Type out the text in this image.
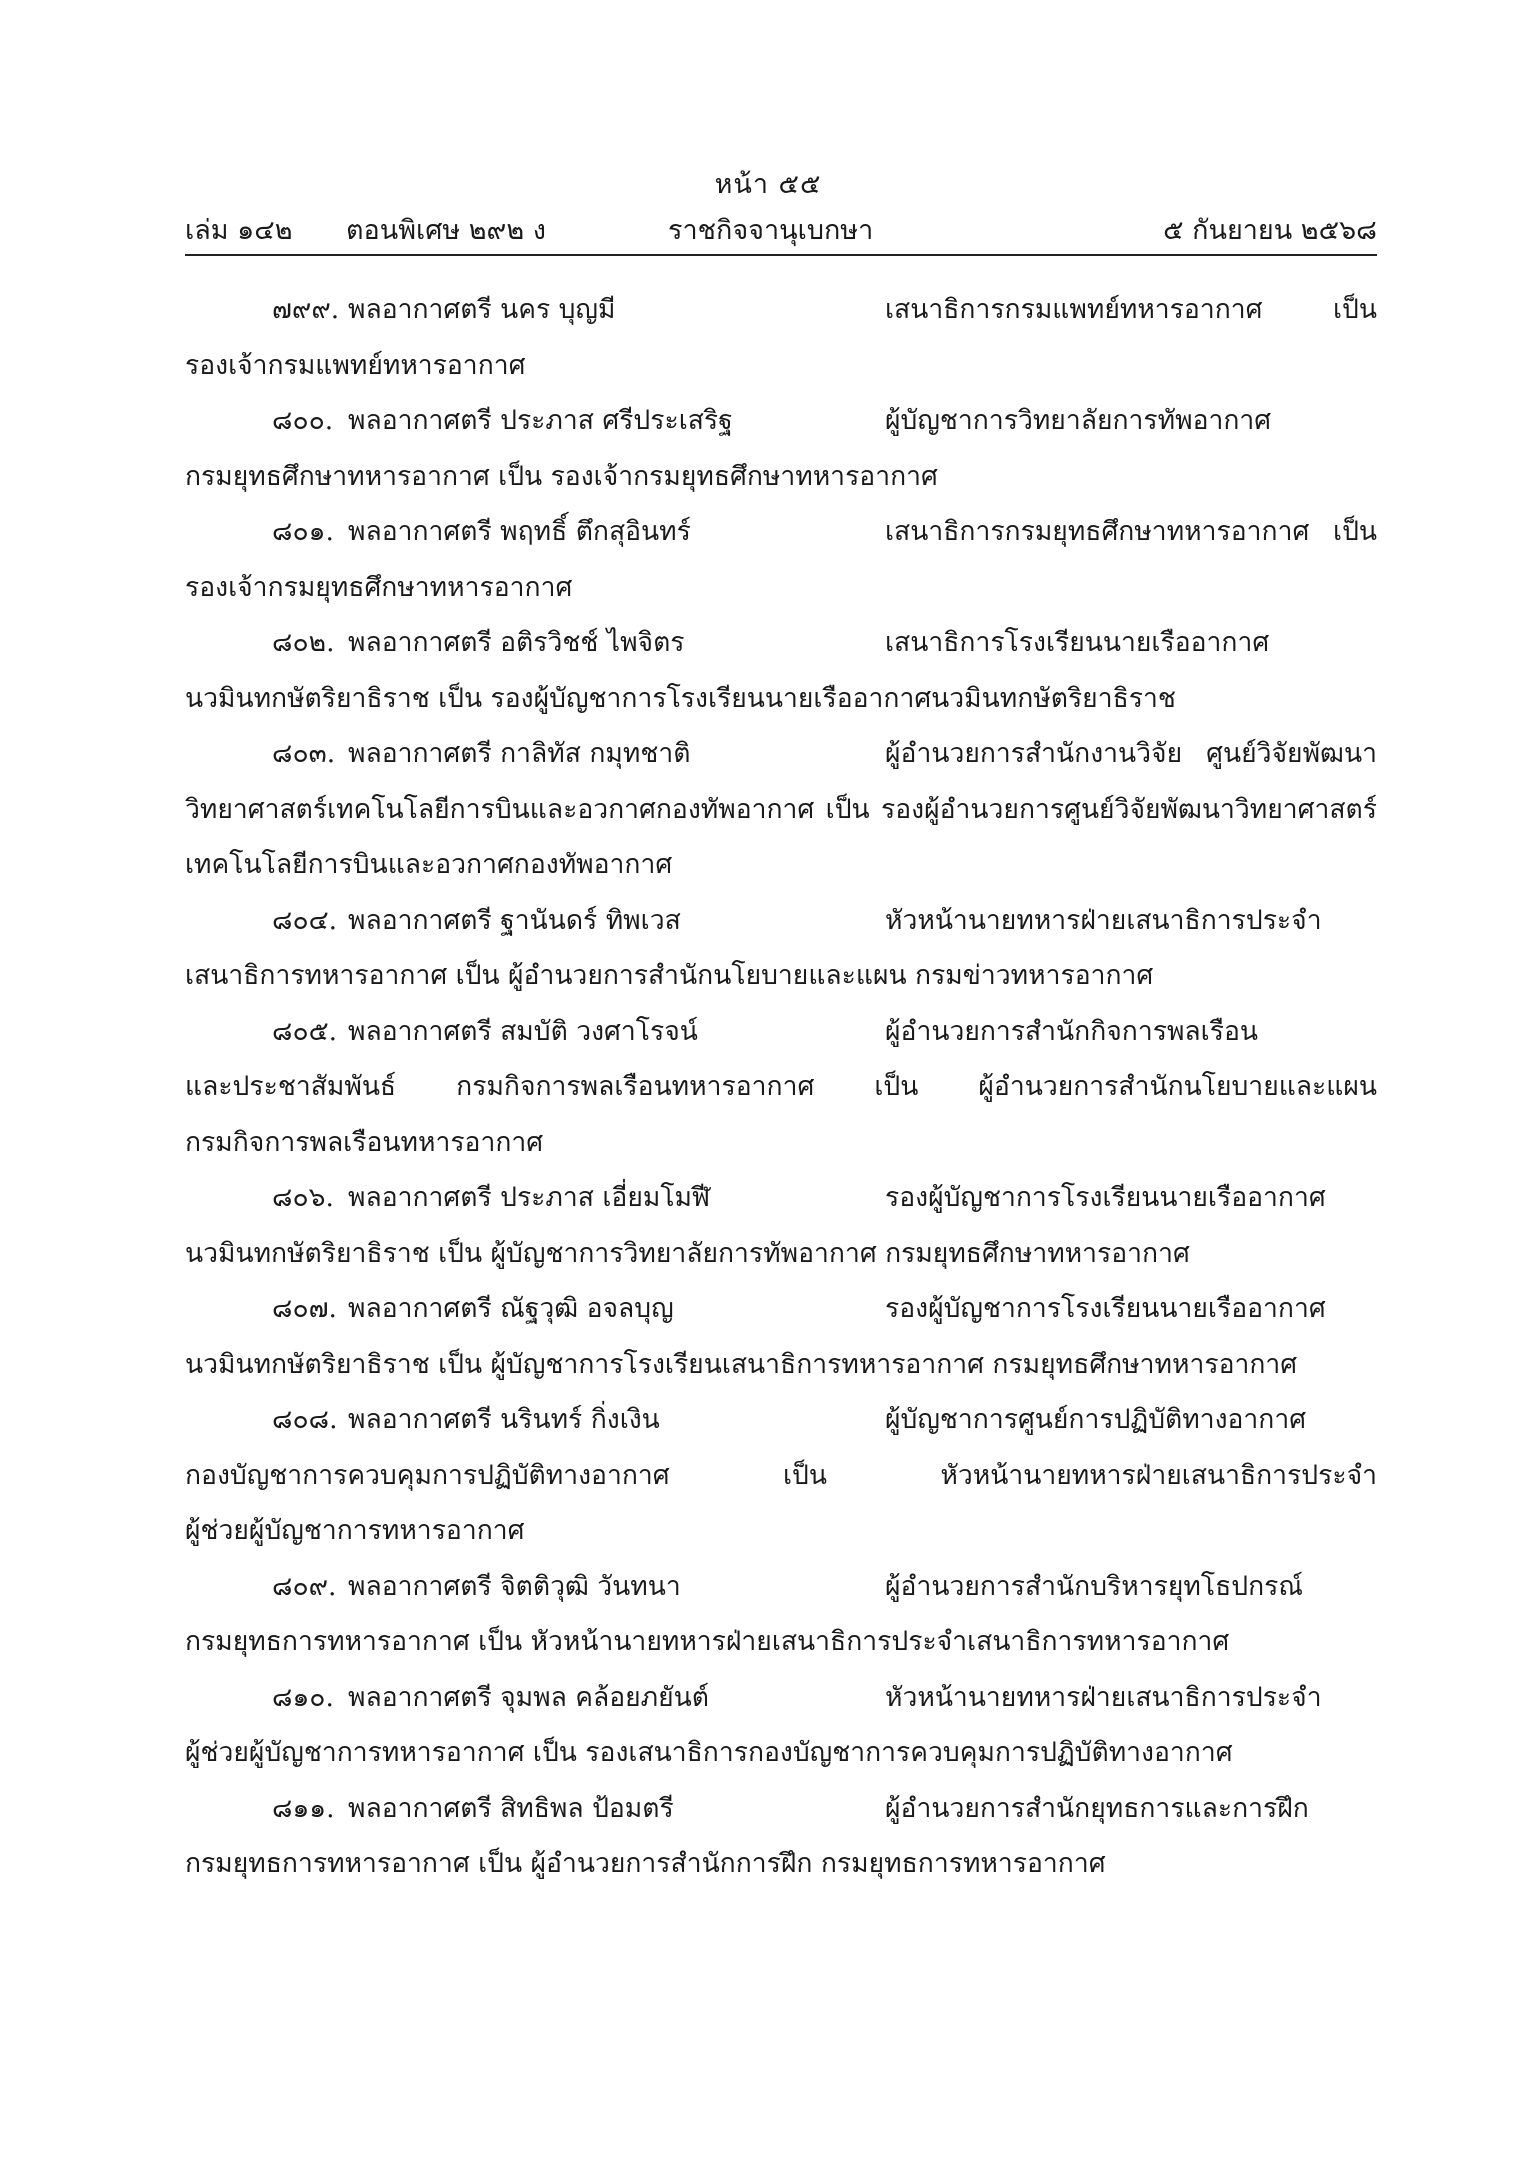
หน้า ๕๕
เล่ม ๑๔๒ ตอนพิเศษ ๒๙๒ ง	ราชกิจจานุเบกษา	๕ กันยายน ๒๕๖๘
๗๙๙. พลอากาศตรี นคร บุญมี	เสนาธิการกรมแพทย์ทหารอากาศ เป็น
รองเจ้ากรมแพทย์ทหารอากาศ
๘๐๐. พลอากาศตรี ประภาส ศรีประเสริฐ	ผู้บัญชาการวิทยาลัยการทัพอากาศ
กรมยุทธศึกษาทหารอากาศ เป็น รองเจ้ากรมยุทธศึกษาทหารอากาศ
๘๐๑. พลอากาศตรี พฤทธิ์ ตึกสุอินทร์	เสนาธิการกรมยุทธศึกษาทหารอากาศ เป็น
รองเจ้ากรมยุทธศึกษาทหารอากาศ
๘๐๒. พลอากาศตรี อติรวิชช์ ไพจิตร	เสนาธิการโรงเรียนนายเรืออากาศ
นวมินทกษัตริยาธิราช เป็น รองผู้บัญชาการโรงเรียนนายเรืออากาศนวมินทกษัตริยาธิราช
๘๐๓. พลอากาศตรี กาลิทัส กมุทชาติ	ผู้อำนวยการสำนักงานวิจัย ศูนย์วิจัยพัฒนา
วิทยาศาสตร์เทคโนโลยีการบินและอวกาศกองทัพอากาศ เป็น รองผู้อำนวยการศูนย์วิจัยพัฒนาวิทยาศาสตร์
เทคโนโลยีการบินและอวกาศกองทัพอากาศ
๘๐๔. พลอากาศตรี ฐานันดร์ ทิพเวส	หัวหน้านายทหารฝ่ายเสนาธิการประจำ
เสนาธิการทหารอากาศ เป็น ผู้อำนวยการสำนักนโยบายและแผน กรมข่าวทหารอากาศ
๘๐๕. พลอากาศตรี สมบัติ วงศาโรจน์	ผู้อำนวยการสำนักกิจการพลเรือน
และประชาสัมพันธ์ กรมกิจการพลเรือนทหารอากาศ เป็น ผู้อำนวยการสำนักนโยบายและแผน
กรมกิจการพลเรือนทหารอากาศ
๘๐๖. พลอากาศตรี ประภาส เอี่ยมโมฬี	รองผู้บัญชาการโรงเรียนนายเรืออากาศ
นวมินทกษัตริยาธิราช เป็น ผู้บัญชาการวิทยาลัยการทัพอากาศ กรมยุทธศึกษาทหารอากาศ
๘๐๗. พลอากาศตรี ณัฐวุฒิ อจลบุญ	รองผู้บัญชาการโรงเรียนนายเรืออากาศ
นวมินทกษัตริยาธิราช เป็น ผู้บัญชาการโรงเรียนเสนาธิการทหารอากาศ กรมยุทธศึกษาทหารอากาศ
๘๐๘. พลอากาศตรี นรินทร์ กิ่งเงิน	ผู้บัญชาการศูนย์การปฏิบัติทางอากาศ
กองบัญชาการควบคุมการปฏิบัติทางอากาศ เป็น หัวหน้านายทหารฝ่ายเสนาธิการประจำ
ผู้ช่วยผู้บัญชาการทหารอากาศ
๘๐๙. พลอากาศตรี จิตติวุฒิ วันทนา	ผู้อำนวยการสำนักบริหารยุทโธปกรณ์
กรมยุทธการทหารอากาศ เป็น หัวหน้านายทหารฝ่ายเสนาธิการประจำเสนาธิการทหารอากาศ
๘๑๐. พลอากาศตรี จุมพล คล้อยภยันต์	หัวหน้านายทหารฝ่ายเสนาธิการประจำ
ผู้ช่วยผู้บัญชาการทหารอากาศ เป็น รองเสนาธิการกองบัญชาการควบคุมการปฏิบัติทางอากาศ
๘๑๑. พลอากาศตรี สิทธิพล ป้อมตรี	ผู้อำนวยการสำนักยุทธการและการฝึก
กรมยุทธการทหารอากาศ เป็น ผู้อำนวยการสำนักการฝึก กรมยุทธการทหารอากาศ
